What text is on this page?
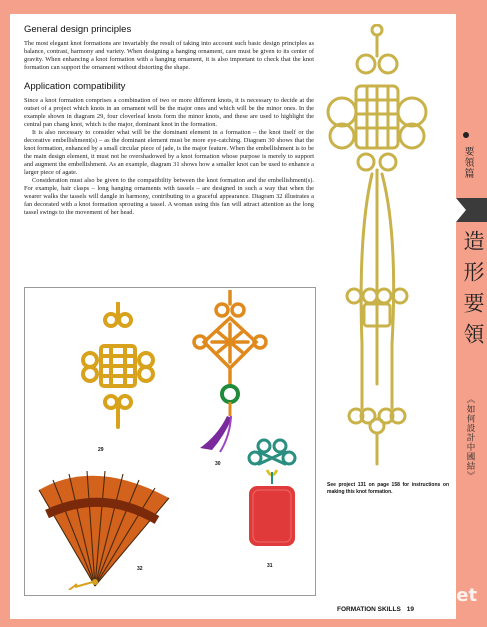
General design principles

The most elegant knot formations are invariably the result of taking into account such basic design principles as balance, contrast, harmony and variety. When designing a hanging ornament, care must be given to its center of gravity. When enhancing a knot formation with a hanging ornament, it is also important to check that the knot formation can support the ornament without distorting the shape.

Application compatibility

Since a knot formation comprises a combination of two or more different knots, it is necessary to decide at the outset of a project which knots in an ornament will be the major ones and which will be the minor ones. In the example shown in diagram 29, four cloverleaf knots form the minor knots, and these are used to highlight the central pan chang knot, which is the major, dominant knot in the formation.

It is also necessary to consider what will be the dominant element in a formation – the knot itself or the decorative embellishment(s) – as the dominant element must be more eye-catching. Diagram 30 shows that the knot formation, enhanced by a small circular piece of jade, is the major feature. When the embellishment is to be the main design element, it must not be overshadowed by a knot formation whose purpose is merely to support and augment the embellishment. As an example, diagram 31 shows how a smaller knot can be used to enhance a larger piece of agate.

Consideration must also be given to the compatibility between the knot formation and the embellishment(s). For example, hair clasps – long hanging ornaments with tassels – are designed in such a way that when the wearer walks the tassels will dangle in harmony, contributing to a graceful appearance. Diagram 32 illustrates a fan decorated with a knot formation sprouting a tassel. A woman using this fan will attract attention as the long tassel swings to the movement of her head.

29
30
31
32

See project 131 on page 158 for instructions on making this knot formation.

要領篇
造形要領
《如何設計中國結》
FORMATION SKILLS 19
三九公社
www.39.net
